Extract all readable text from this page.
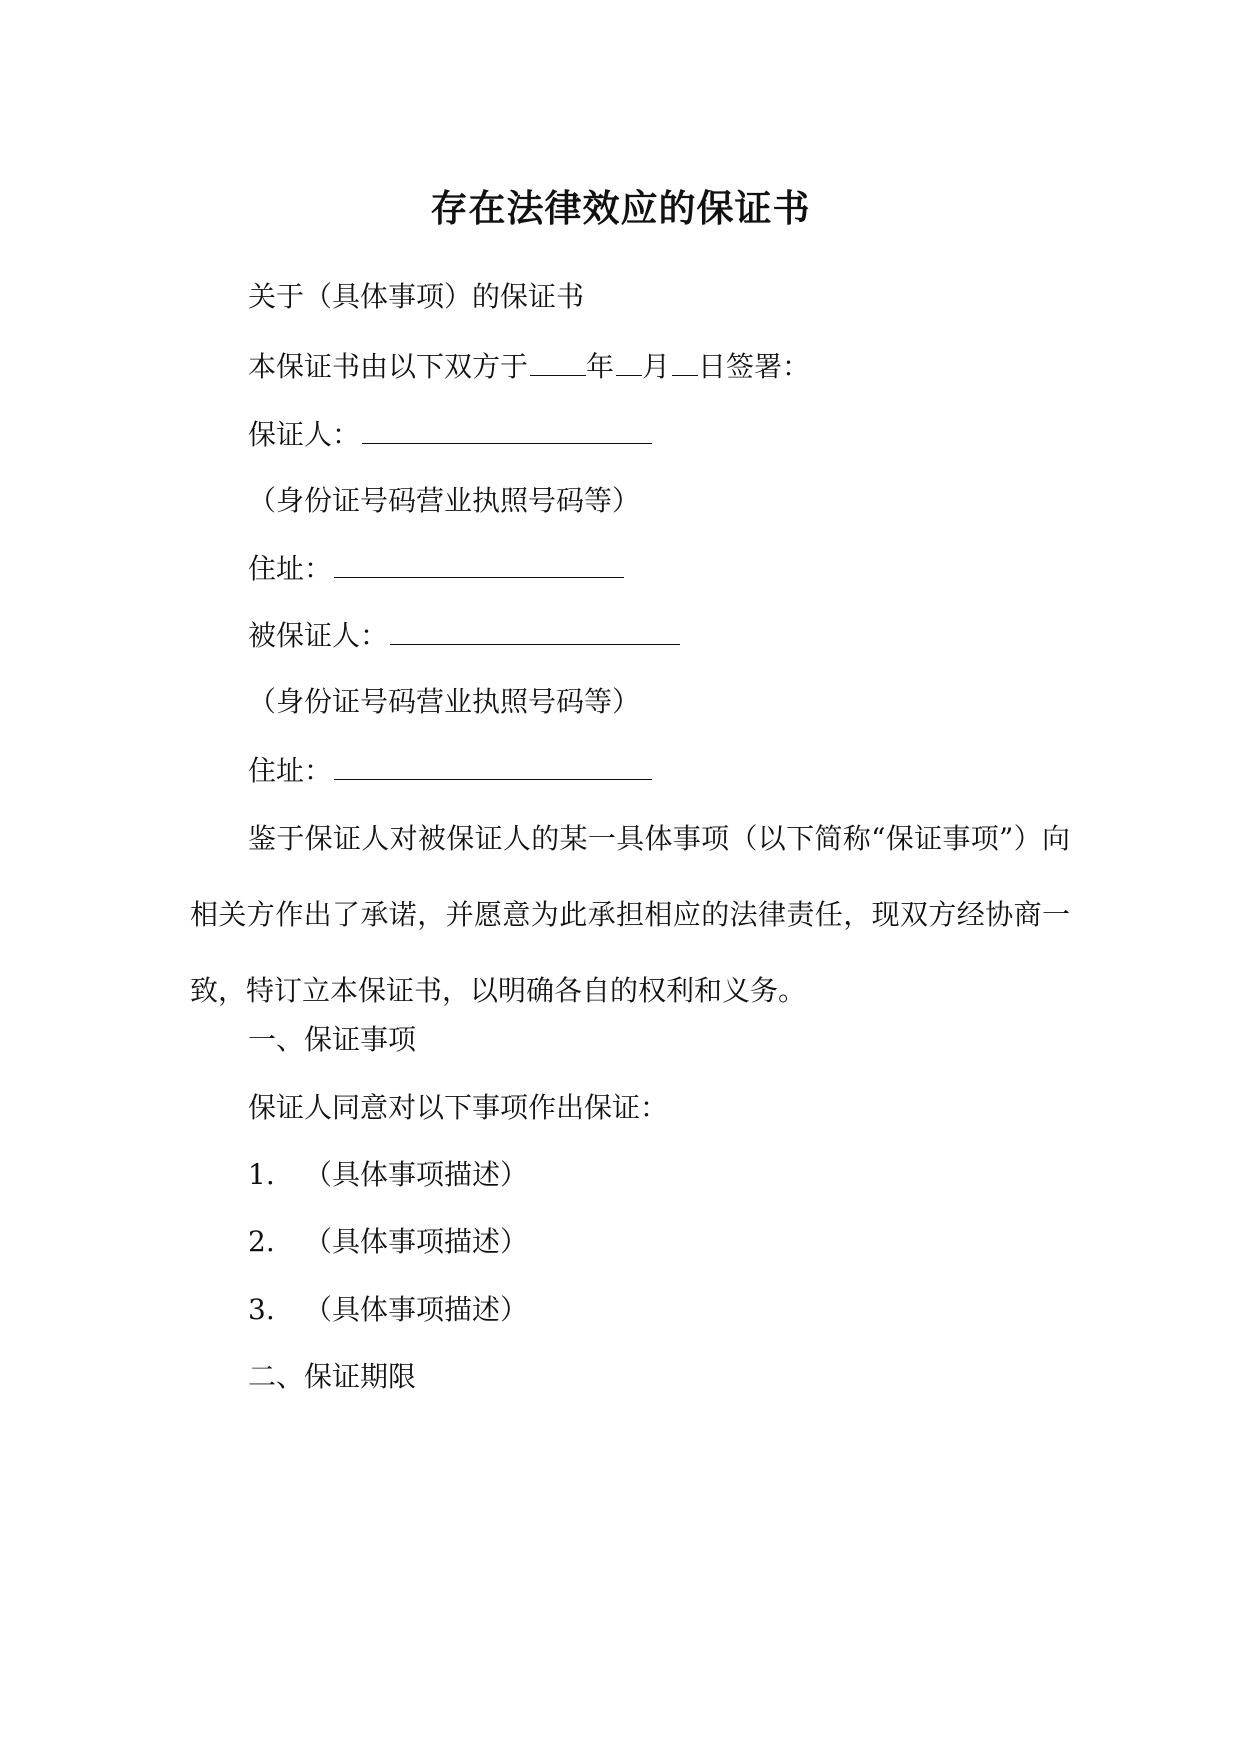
存在法律效应的保证书
关于（具体事项）的保证书
本保证书由以下双方于 年 月 日签署：
保证人：
（身份证号码营业执照号码等）
住址：
被保证人：
（身份证号码营业执照号码等）
住址：
鉴于保证人对被保证人的某一具体事项（以下简称“保证事项”）向相关方作出了承诺，并愿意为此承担相应的法律责任，现双方经协商一致，特订立本保证书，以明确各自的权利和义务。
一、保证事项
保证人同意对以下事项作出保证：
1. （具体事项描述）
2. （具体事项描述）
3. （具体事项描述）
二、保证期限
